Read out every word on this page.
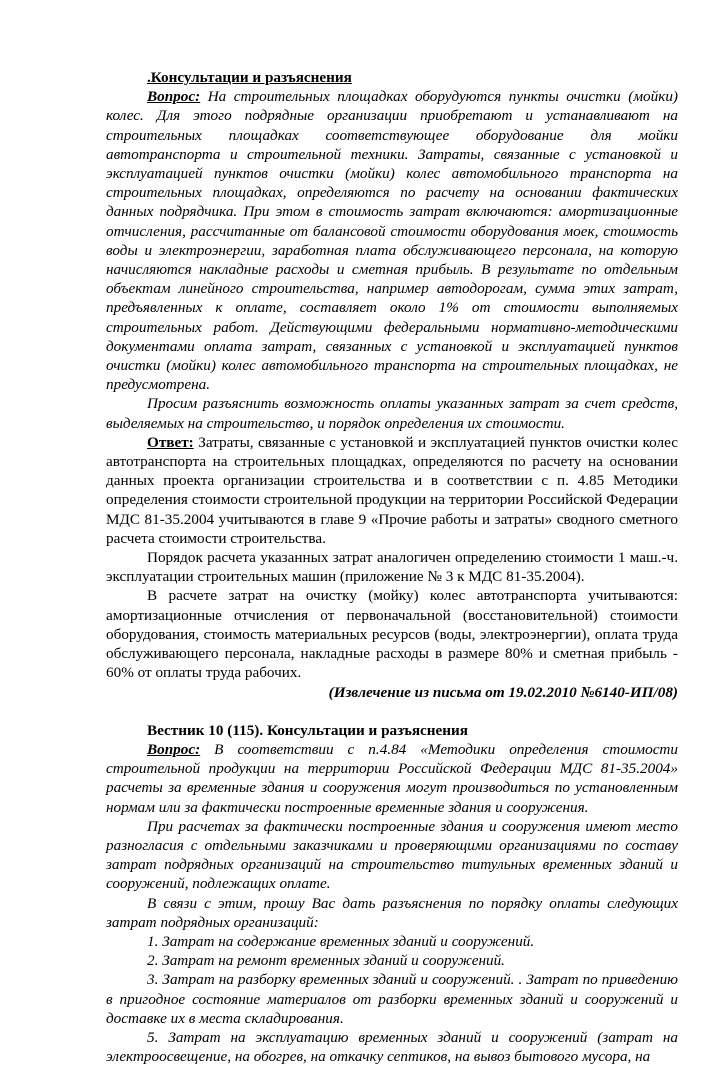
.Консультации и разъяснения

Вопрос: На строительных площадках оборудуются пункты очистки (мойки) колес. Для этого подрядные организации приобретают и устанавливают на строительных площадках соответствующее оборудование для мойки автотранспорта и строительной техники. Затраты, связанные с установкой и эксплуатацией пунктов очистки (мойки) колес автомобильного транспорта на строительных площадках, определяются по расчету на основании фактических данных подрядчика. При этом в стоимость затрат включаются: амортизационные отчисления, рассчитанные от балансовой стоимости оборудования моек, стоимость воды и электроэнергии, заработная плата обслуживающего персонала, на которую начисляются накладные расходы и сметная прибыль. В результате по отдельным объектам линейного строительства, например автодорогам, сумма этих затрат, предъявленных к оплате, составляет около 1% от стоимости выполняемых строительных работ. Действующими федеральными нормативно-методическими документами оплата затрат, связанных с установкой и эксплуатацией пунктов очистки (мойки) колес автомобильного транспорта на строительных площадках, не предусмотрена.

Просим разъяснить возможность оплаты указанных затрат за счет средств, выделяемых на строительство, и порядок определения их стоимости.

Ответ: Затраты, связанные с установкой и эксплуатацией пунктов очистки колес автотранспорта на строительных площадках, определяются по расчету на основании данных проекта организации строительства и в соответствии с п. 4.85 Методики определения стоимости строительной продукции на территории Российской Федерации МДС 81-35.2004 учитываются в главе 9 «Прочие работы и затраты» сводного сметного расчета стоимости строительства.

Порядок расчета указанных затрат аналогичен определению стоимости 1 маш.-ч. эксплуатации строительных машин (приложение № 3 к МДС 81-35.2004).

В расчете затрат на очистку (мойку) колес автотранспорта учитываются: амортизационные отчисления от первоначальной (восстановительной) стоимости оборудования, стоимость материальных ресурсов (воды, электроэнергии), оплата труда обслуживающего персонала, накладные расходы в размере 80% и сметная прибыль - 60% от оплаты труда рабочих.

(Извлечение из письма от 19.02.2010 №6140-ИП/08)

Вестник 10 (115). Консультации и разъяснения

Вопрос: В соответствии с п.4.84 «Методики определения стоимости строительной продукции на территории Российской Федерации МДС 81-35.2004» расчеты за временные здания и сооружения могут производиться по установленным нормам или за фактически построенные временные здания и сооружения.

При расчетах за фактически построенные здания и сооружения имеют место разногласия с отдельными заказчиками и проверяющими организациями по составу затрат подрядных организаций на строительство титульных временных зданий и сооружений, подлежащих оплате.

В связи с этим, прошу Вас дать разъяснения по порядку оплаты следующих затрат подрядных организаций:

1. Затрат на содержание временных зданий и сооружений.

2. Затрат на ремонт временных зданий и сооружений.

3. Затрат на разборку временных зданий и сооружений. . Затрат по приведению в пригодное состояние материалов от разборки временных зданий и сооружений и доставке их в места складирования.

5. Затрат на эксплуатацию временных зданий и сооружений (затрат на электроосвещение, на обогрев, на откачку септиков, на вывоз бытового мусора, на
